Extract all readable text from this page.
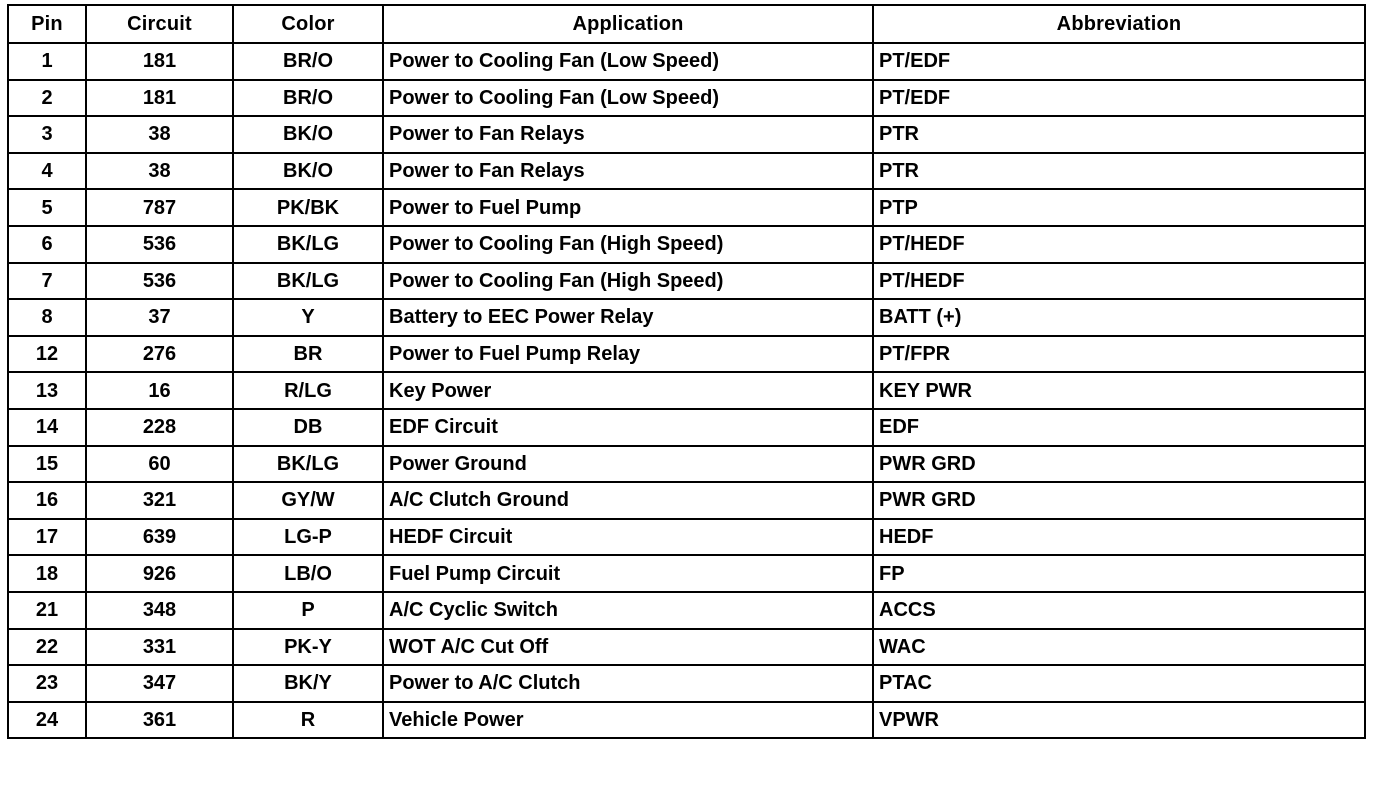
Pin	Circuit	Color	Application	Abbreviation
1	181	BR/O	Power to Cooling Fan (Low Speed)	PT/EDF
2	181	BR/O	Power to Cooling Fan (Low Speed)	PT/EDF
3	38	BK/O	Power to Fan Relays	PTR
4	38	BK/O	Power to Fan Relays	PTR
5	787	PK/BK	Power to Fuel Pump	PTP
6	536	BK/LG	Power to Cooling Fan (High Speed)	PT/HEDF
7	536	BK/LG	Power to Cooling Fan (High Speed)	PT/HEDF
8	37	Y	Battery to EEC Power Relay	BATT (+)
12	276	BR	Power to Fuel Pump Relay	PT/FPR
13	16	R/LG	Key Power	KEY PWR
14	228	DB	EDF Circuit	EDF
15	60	BK/LG	Power Ground	PWR GRD
16	321	GY/W	A/C Clutch Ground	PWR GRD
17	639	LG-P	HEDF Circuit	HEDF
18	926	LB/O	Fuel Pump Circuit	FP
21	348	P	A/C Cyclic Switch	ACCS
22	331	PK-Y	WOT A/C Cut Off	WAC
23	347	BK/Y	Power to A/C Clutch	PTAC
24	361	R	Vehicle Power	VPWR
